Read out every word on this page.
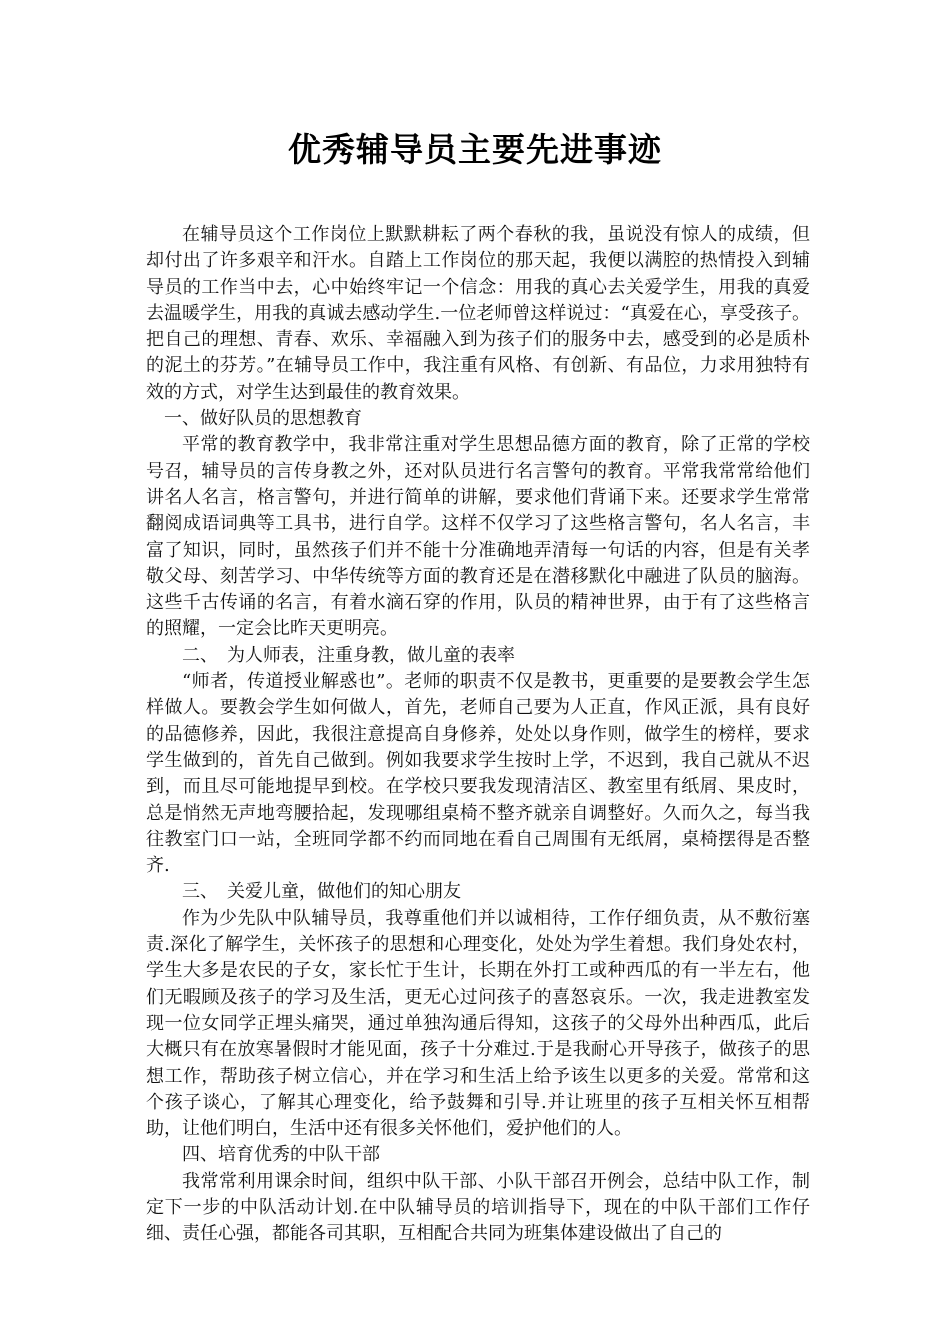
优秀辅导员主要先进事迹

在辅导员这个工作岗位上默默耕耘了两个春秋的我，虽说没有惊人的成绩，但却付出了许多艰辛和汗水。自踏上工作岗位的那天起，我便以满腔的热情投入到辅导员的工作当中去，心中始终牢记一个信念：用我的真心去关爱学生，用我的真爱去温暖学生，用我的真诚去感动学生.一位老师曾这样说过：“真爱在心，享受孩子。把自己的理想、青春、欢乐、幸福融入到为孩子们的服务中去，感受到的必是质朴的泥土的芬芳。”在辅导员工作中，我注重有风格、有创新、有品位，力求用独特有效的方式，对学生达到最佳的教育效果。

一、做好队员的思想教育

平常的教育教学中，我非常注重对学生思想品德方面的教育，除了正常的学校号召，辅导员的言传身教之外，还对队员进行名言警句的教育。平常我常常给他们讲名人名言，格言警句，并进行简单的讲解，要求他们背诵下来。还要求学生常常翻阅成语词典等工具书，进行自学。这样不仅学习了这些格言警句，名人名言，丰富了知识，同时，虽然孩子们并不能十分准确地弄清每一句话的内容，但是有关孝敬父母、刻苦学习、中华传统等方面的教育还是在潜移默化中融进了队员的脑海。这些千古传诵的名言，有着水滴石穿的作用，队员的精神世界，由于有了这些格言的照耀，一定会比昨天更明亮。

二、　为人师表，注重身教，做儿童的表率

“师者，传道授业解惑也”。老师的职责不仅是教书，更重要的是要教会学生怎样做人。要教会学生如何做人，首先，老师自己要为人正直，作风正派，具有良好的品德修养，因此，我很注意提高自身修养，处处以身作则，做学生的榜样，要求学生做到的，首先自己做到。例如我要求学生按时上学，不迟到，我自己就从不迟到，而且尽可能地提早到校。在学校只要我发现清洁区、教室里有纸屑、果皮时，总是悄然无声地弯腰拾起，发现哪组桌椅不整齐就亲自调整好。久而久之，每当我往教室门口一站，全班同学都不约而同地在看自己周围有无纸屑，桌椅摆得是否整齐.

三、　关爱儿童，做他们的知心朋友

作为少先队中队辅导员，我尊重他们并以诚相待，工作仔细负责，从不敷衍塞责.深化了解学生，关怀孩子的思想和心理变化，处处为学生着想。我们身处农村，学生大多是农民的子女，家长忙于生计，长期在外打工或种西瓜的有一半左右，他们无暇顾及孩子的学习及生活，更无心过问孩子的喜怒哀乐。一次，我走进教室发现一位女同学正埋头痛哭，通过单独沟通后得知，这孩子的父母外出种西瓜，此后大概只有在放寒暑假时才能见面，孩子十分难过.于是我耐心开导孩子，做孩子的思想工作，帮助孩子树立信心，并在学习和生活上给予该生以更多的关爱。常常和这个孩子谈心，了解其心理变化，给予鼓舞和引导.并让班里的孩子互相关怀互相帮助，让他们明白，生活中还有很多关怀他们，爱护他们的人。

四、培育优秀的中队干部

我常常利用课余时间，组织中队干部、小队干部召开例会，总结中队工作，制定下一步的中队活动计划.在中队辅导员的培训指导下，现在的中队干部们工作仔细、责任心强，都能各司其职，互相配合共同为班集体建设做出了自己的
